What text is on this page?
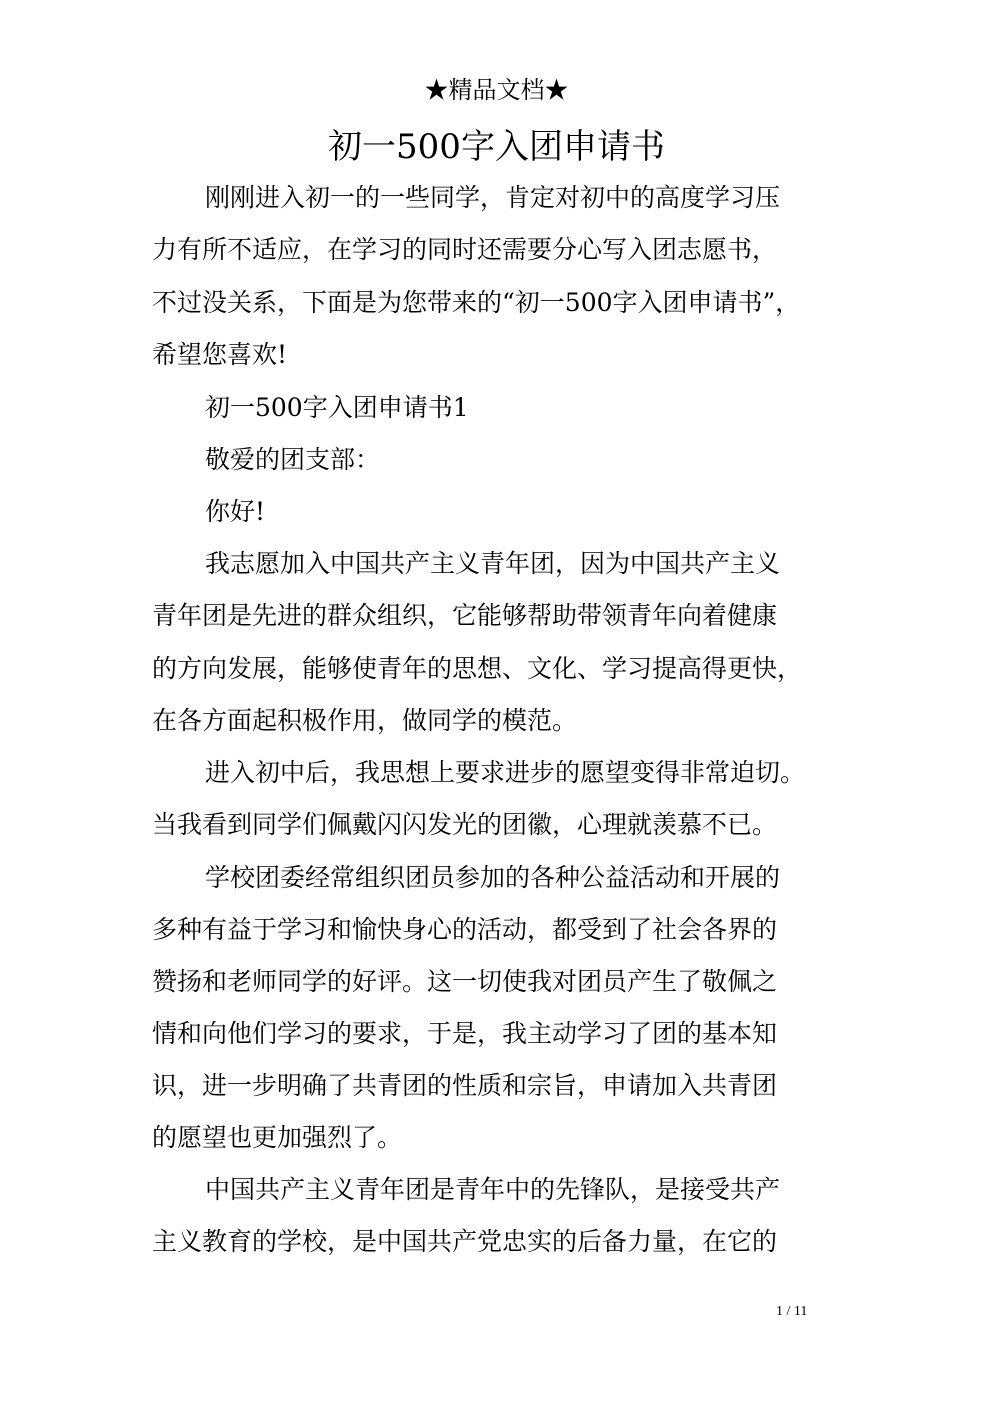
★精品文档★
初一500字入团申请书
刚刚进入初一的一些同学，肯定对初中的高度学习压
力有所不适应，在学习的同时还需要分心写入团志愿书，
不过没关系，下面是为您带来的“初一500字入团申请书”，
希望您喜欢!
初一500字入团申请书1
敬爱的团支部：
你好!
我志愿加入中国共产主义青年团，因为中国共产主义
青年团是先进的群众组织，它能够帮助带领青年向着健康
的方向发展，能够使青年的思想、文化、学习提高得更快，
在各方面起积极作用，做同学的模范。
进入初中后，我思想上要求进步的愿望变得非常迫切。
当我看到同学们佩戴闪闪发光的团徽，心理就羡慕不已。
学校团委经常组织团员参加的各种公益活动和开展的
多种有益于学习和愉快身心的活动，都受到了社会各界的
赞扬和老师同学的好评。这一切使我对团员产生了敬佩之
情和向他们学习的要求，于是，我主动学习了团的基本知
识，进一步明确了共青团的性质和宗旨，申请加入共青团
的愿望也更加强烈了。
中国共产主义青年团是青年中的先锋队，是接受共产
主义教育的学校，是中国共产党忠实的后备力量，在它的
1 / 11
